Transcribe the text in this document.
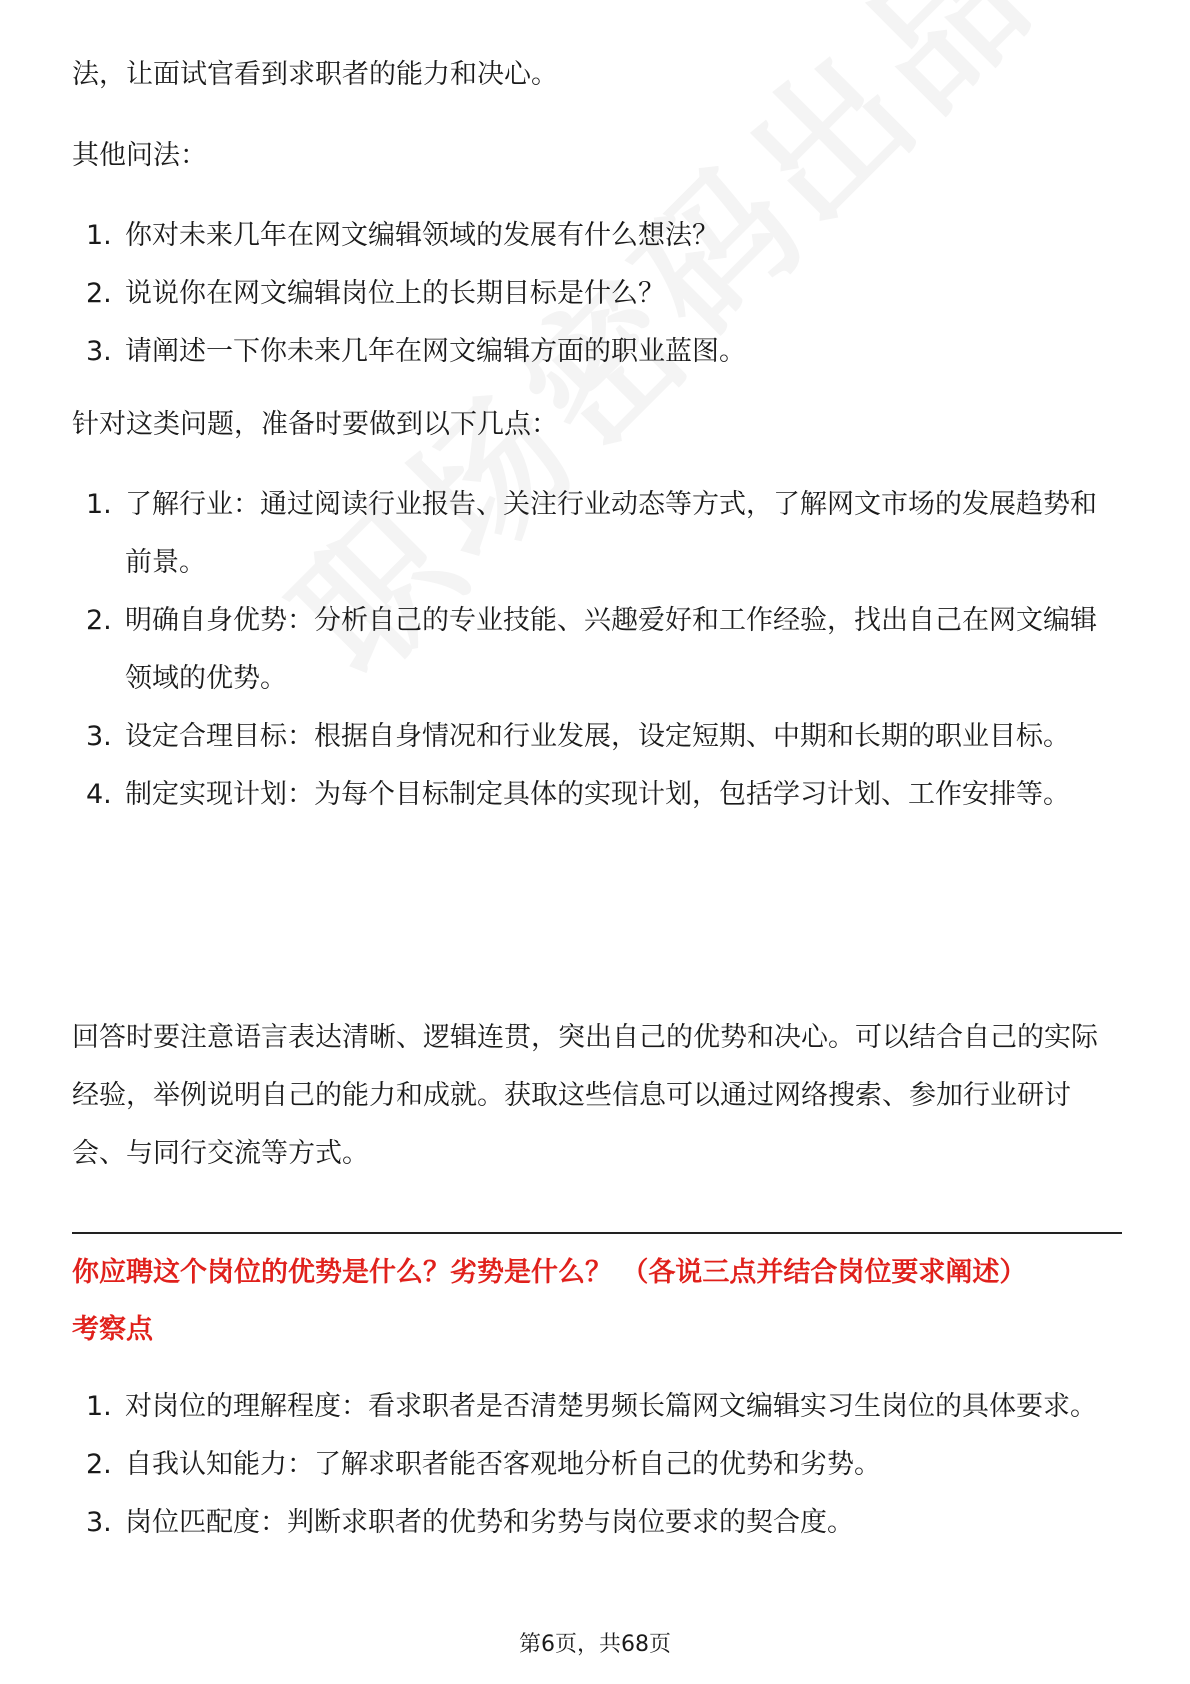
法，让面试官看到求职者的能力和决心。
其他问法：
1. 你对未来几年在网文编辑领域的发展有什么想法？
2. 说说你在网文编辑岗位上的长期目标是什么？
3. 请阐述一下你未来几年在网文编辑方面的职业蓝图。
针对这类问题，准备时要做到以下几点：
1. 了解行业：通过阅读行业报告、关注行业动态等方式，了解网文市场的发展趋势和前景。
2. 明确自身优势：分析自己的专业技能、兴趣爱好和工作经验，找出自己在网文编辑领域的优势。
3. 设定合理目标：根据自身情况和行业发展，设定短期、中期和长期的职业目标。
4. 制定实现计划：为每个目标制定具体的实现计划，包括学习计划、工作安排等。
回答时要注意语言表达清晰、逻辑连贯，突出自己的优势和决心。可以结合自己的实际经验，举例说明自己的能力和成就。获取这些信息可以通过网络搜索、参加行业研讨会、与同行交流等方式。
你应聘这个岗位的优势是什么？劣势是什么？ （各说三点并结合岗位要求阐述）
考察点
1. 对岗位的理解程度：看求职者是否清楚男频长篇网文编辑实习生岗位的具体要求。
2. 自我认知能力：了解求职者能否客观地分析自己的优势和劣势。
3. 岗位匹配度：判断求职者的优势和劣势与岗位要求的契合度。
第6页，共68页
